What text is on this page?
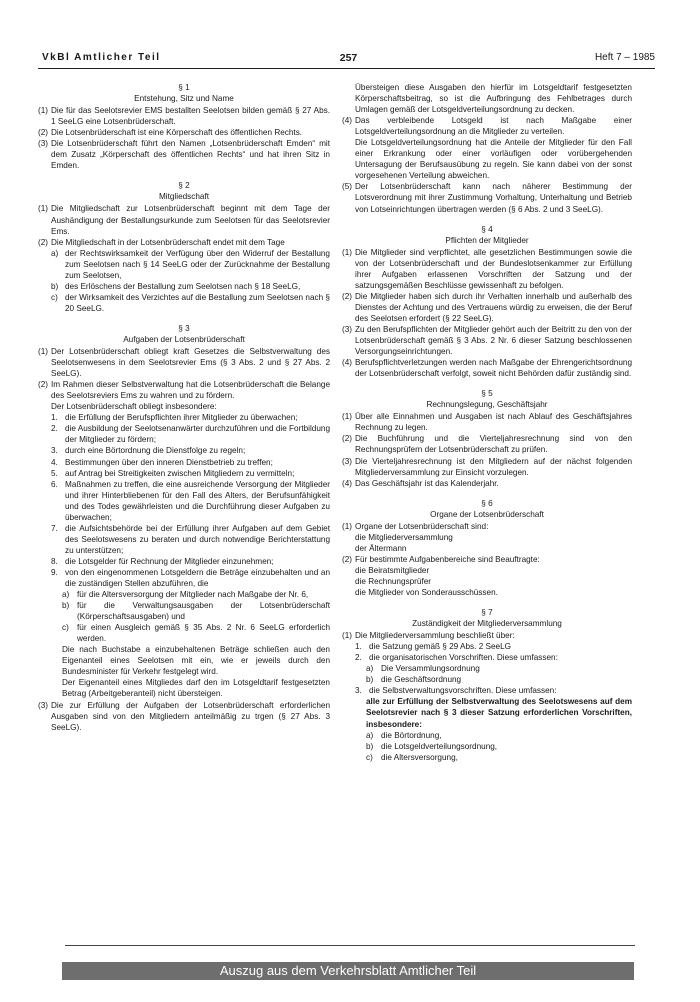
VkBl Amtlicher Teil	257	Heft 7 – 1985
§ 1
Entstehung, Sitz und Name
(1) Die für das Seelotsrevier EMS bestallten Seelotsen bilden gemäß § 27 Abs. 1 SeeLG eine Lotsenbrüderschaft.
(2) Die Lotsenbrüderschaft ist eine Körperschaft des öffentlichen Rechts.
(3) Die Lotsenbrüderschaft führt den Namen „Lotsenbrüderschaft Emden“ mit dem Zusatz „Körperschaft des öffentlichen Rechts“ und hat ihren Sitz in Emden.
§ 2
Mitgliedschaft
(1) Die Mitgliedschaft zur Lotsenbrüderschaft beginnt mit dem Tage der Aushändigung der Bestallungsurkunde zum Seelotsen für das Seelotsrevier Ems.
(2) Die Mitgliedschaft in der Lotsenbrüderschaft endet mit dem Tage
a) der Rechtswirksamkeit der Verfügung über den Widerruf der Bestallung zum Seelotsen nach § 14 SeeLG oder der Zurücknahme der Bestallung zum Seelotsen,
b) des Erlöschens der Bestallung zum Seelotsen nach § 18 SeeLG,
c) der Wirksamkeit des Verzichtes auf die Bestallung zum Seelotsen nach § 20 SeeLG.
§ 3
Aufgaben der Lotsenbrüderschaft
(1) Der Lotsenbrüderschaft obliegt kraft Gesetzes die Selbstverwaltung des Seelotsenwesens in dem Seelotsrevier Ems (§ 3 Abs. 2 und § 27 Abs. 2 SeeLG).
(2) Im Rahmen dieser Selbstverwaltung hat die Lotsenbrüderschaft die Belange des Seelotsreviers Ems zu wahren und zu fördern.
Der Lotsenbrüderschaft obliegt insbesondere:
1. die Erfüllung der Berufspflichten ihrer Mitglieder zu überwachen;
2. die Ausbildung der Seelotsenanwärter durchzuführen und die Fortbildung der Mitglieder zu fördern;
3. durch eine Börtordnung die Dienstfolge zu regeln;
4. Bestimmungen über den inneren Dienstbetrieb zu treffen;
5. auf Antrag bei Streitigkeiten zwischen Mitgliedern zu vermitteln;
6. Maßnahmen zu treffen, die eine ausreichende Versorgung der Mitglieder und ihrer Hinterbliebenen für den Fall des Alters, der Berufsunfähigkeit und des Todes gewährleisten und die Durchführung dieser Aufgaben zu überwachen;
7. die Aufsichtsbehörde bei der Erfüllung ihrer Aufgaben auf dem Gebiet des Seelotswesens zu beraten und durch notwendige Berichterstattung zu unterstützen;
8. die Lotsgelder für Rechnung der Mitglieder einzunehmen;
9. von den eingenommenen Lotsgeldern die Beträge einzubehalten und an die zuständigen Stellen abzuführen, die
a) für die Altersversorgung der Mitglieder nach Maßgabe der Nr. 6,
b) für die Verwaltungsausgaben der Lotsenbrüderschaft (Körperschaftsausgaben) und
c) für einen Ausgleich gemäß § 35 Abs. 2 Nr. 6 SeeLG erforderlich werden.
Die nach Buchstabe a einzubehaltenen Beträge schließen auch den Eigenanteil eines Seelotsen mit ein, wie er jeweils durch den Bundesminister für Verkehr festgelegt wird.
Der Eigenanteil eines Mitgliedes darf den im Lotsgeldtarif festgesetzten Betrag (Arbeitgeberanteil) nicht übersteigen.
(3) Die zur Erfüllung der Aufgaben der Lotsenbrüderschaft erforderlichen Ausgaben sind von den Mitgliedern anteilmäßig zu trgen (§ 27 Abs. 3 SeeLG).
Übersteigen diese Ausgaben den hierfür im Lotsgeldtarif festgesetzten Körperschaftsbeitrag, so ist die Aufbringung des Fehlbetrages durch Umlagen gemäß der Lotsgeldverteilungsordnung zu decken.
(4) Das verbleibende Lotsgeld ist nach Maßgabe einer Lotsgeldverteilungsordnung an die Mitglieder zu verteilen.
Die Lotsgeldverteilungsordnung hat die Anteile der Mitglieder für den Fall einer Erkrankung oder einer vorläufigen oder vorübergehenden Untersagung der Berufsausübung zu regeln. Sie kann dabei von der sonst vorgesehenen Verteilung abweichen.
(5) Der Lotsenbrüderschaft kann nach näherer Bestimmung der Lotsverordnung mit ihrer Zustimmung Vorhaltung, Unterhaltung und Betrieb von Lotseinrichtungen übertragen werden (§ 6 Abs. 2 und 3 SeeLG).
§ 4
Pflichten der Mitglieder
(1) Die Mitglieder sind verpflichtet, alle gesetzlichen Bestimmungen sowie die von der Lotsenbrüderschaft und der Bundeslotsenkammer zur Erfüllung ihrer Aufgaben erlassenen Vorschriften der Satzung und der satzungsgemäßen Beschlüsse gewissenhaft zu befolgen.
(2) Die Mitglieder haben sich durch ihr Verhalten innerhalb und außerhalb des Dienstes der Achtung und des Vertrauens würdig zu erweisen, die der Beruf des Seelotsen erfordert (§ 22 SeeLG).
(3) Zu den Berufspflichten der Mitglieder gehört auch der Beitritt zu den von der Lotsenbrüderschaft gemäß § 3 Abs. 2 Nr. 6 dieser Satzung beschlossenen Versorgungseinrichtungen.
(4) Berufspflichtverletzungen werden nach Maßgabe der Ehrengerichtsordnung der Lotsenbrüderschaft verfolgt, soweit nicht Behörden dafür zuständig sind.
§ 5
Rechnungslegung, Geschäftsjahr
(1) Über alle Einnahmen und Ausgaben ist nach Ablauf des Geschäftsjahres Rechnung zu legen.
(2) Die Buchführung und die Vierteljahresrechnung sind von den Rechnungsprüfern der Lotsenbrüderschaft zu prüfen.
(3) Die Vierteljahresrechnung ist den Mitgliedern auf der nächst folgenden Mitgliederversammlung zur Einsicht vorzulegen.
(4) Das Geschäftsjahr ist das Kalenderjahr.
§ 6
Organe der Lotsenbrüderschaft
(1) Organe der Lotsenbrüderschaft sind:
die Mitgliederversammlung
der Ältermann
(2) Für bestimmte Aufgabenbereiche sind Beauftragte:
die Beiratsmitglieder
die Rechnungsprüfer
die Mitglieder von Sonderausschüssen.
§ 7
Zuständigkeit der Mitgliederversammlung
(1) Die Mitgliederversammlung beschließt über:
1. die Satzung gemäß § 29 Abs. 2 SeeLG
2. die organisatorischen Vorschriften. Diese umfassen:
a) Die Versammlungsordnung
b) die Geschäftsordnung
3. die Selbstverwaltungsvorschriften. Diese umfassen:
alle zur Erfüllung der Selbstverwaltung des Seelotswesens auf dem Seelotsrevier nach § 3 dieser Satzung erforderlichen Vorschriften, insbesondere:
a) die Börtordnung,
b) die Lotsgeldverteilungsordnung,
c) die Altersversorgung,
Auszug aus dem Verkehrsblatt Amtlicher Teil
